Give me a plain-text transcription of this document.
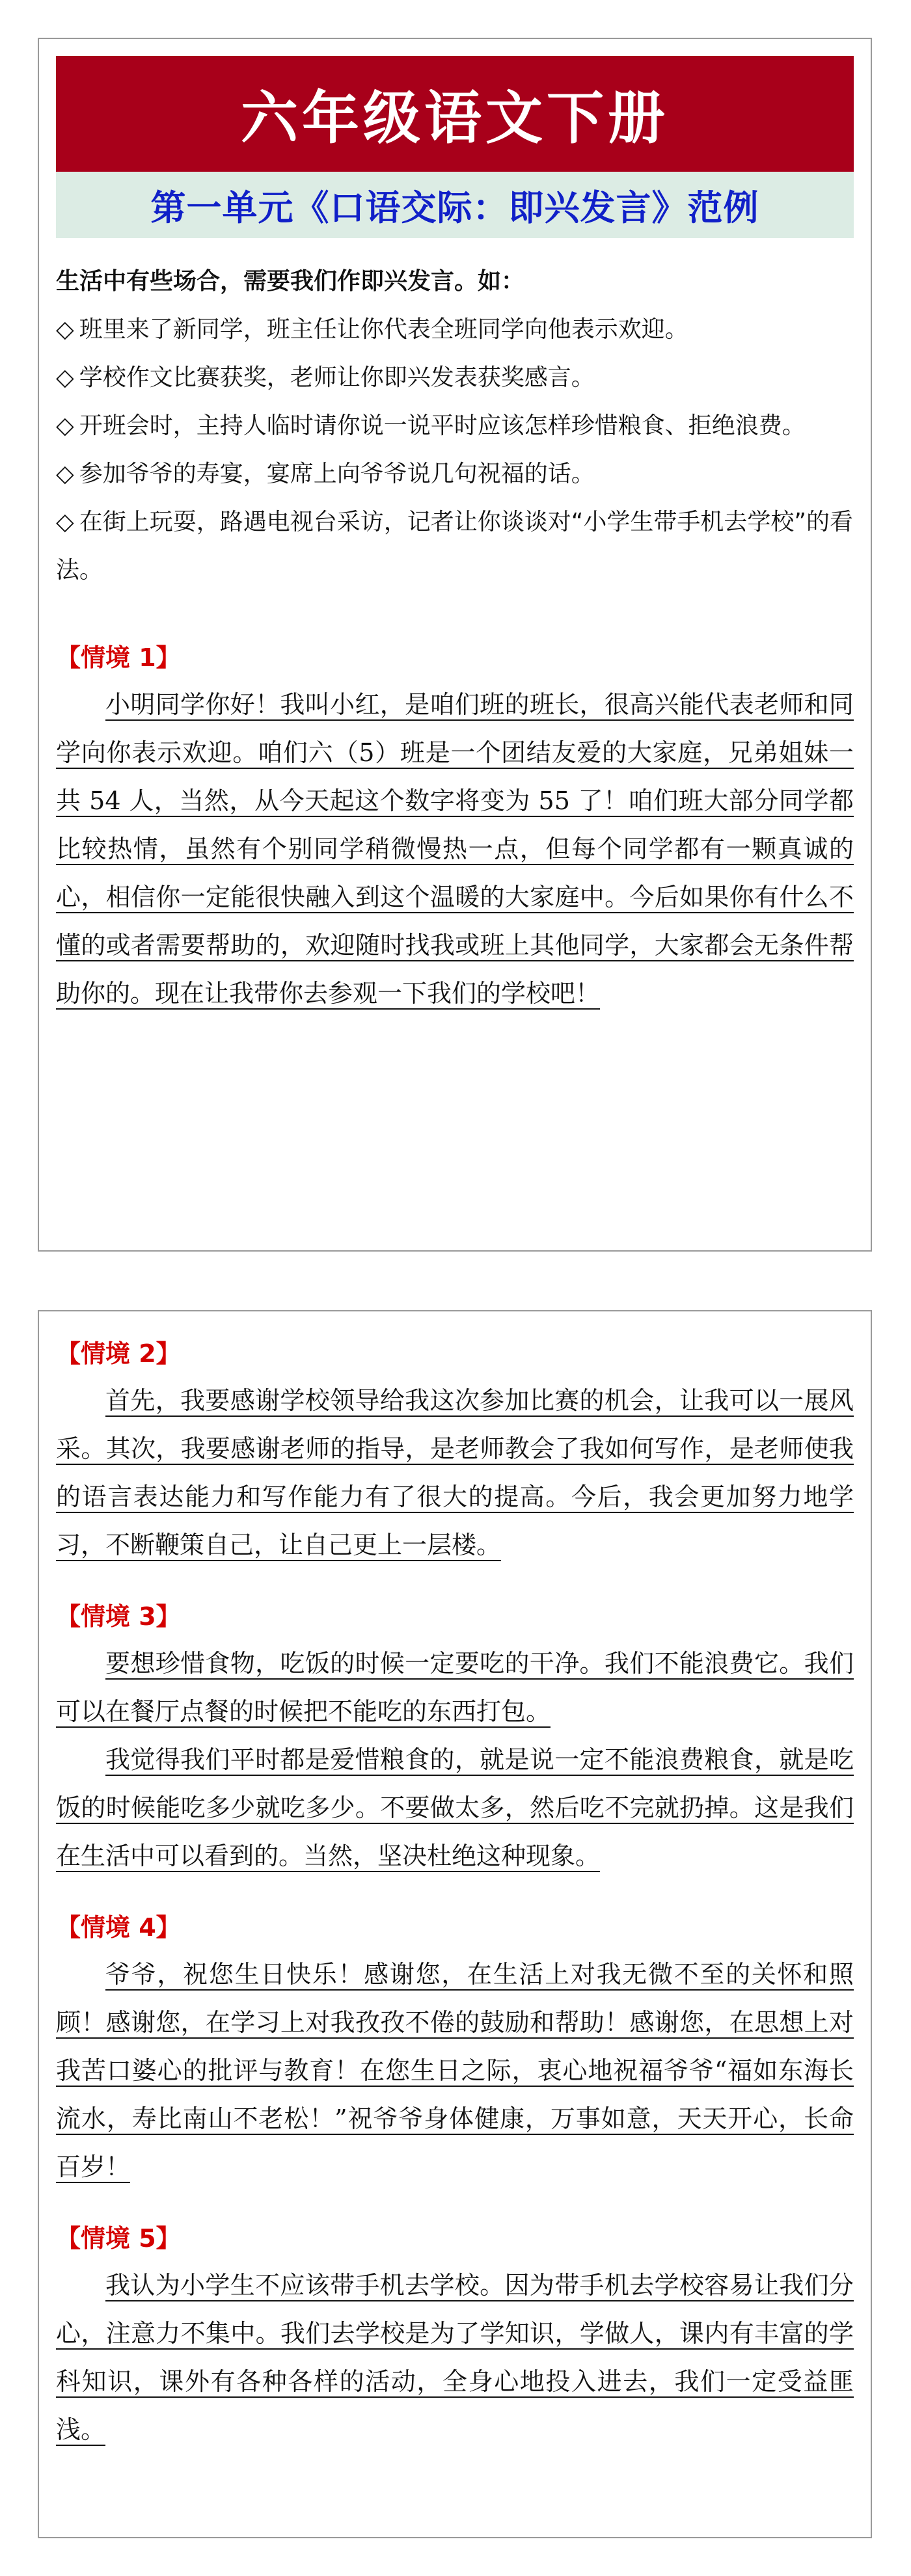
六年级语文下册
第一单元《口语交际：即兴发言》范例

生活中有些场合，需要我们作即兴发言。如：

◇ 班里来了新同学，班主任让你代表全班同学向他表示欢迎。

◇ 学校作文比赛获奖，老师让你即兴发表获奖感言。

◇ 开班会时，主持人临时请你说一说平时应该怎样珍惜粮食、拒绝浪费。

◇ 参加爷爷的寿宴，宴席上向爷爷说几句祝福的话。

◇ 在街上玩耍，路遇电视台采访，记者让你谈谈对“小学生带手机去学校”的看法。

【情境 1】

小明同学你好！我叫小红，是咱们班的班长，很高兴能代表老师和同学向你表示欢迎。咱们六（5）班是一个团结友爱的大家庭，兄弟姐妹一共 54 人，当然，从今天起这个数字将变为 55 了！咱们班大部分同学都比较热情，虽然有个别同学稍微慢热一点，但每个同学都有一颗真诚的心，相信你一定能很快融入到这个温暖的大家庭中。今后如果你有什么不懂的或者需要帮助的，欢迎随时找我或班上其他同学，大家都会无条件帮助你的。现在让我带你去参观一下我们的学校吧！

【情境 2】

首先，我要感谢学校领导给我这次参加比赛的机会，让我可以一展风采。其次，我要感谢老师的指导，是老师教会了我如何写作，是老师使我的语言表达能力和写作能力有了很大的提高。今后，我会更加努力地学习，不断鞭策自己，让自己更上一层楼。

【情境 3】

要想珍惜食物，吃饭的时候一定要吃的干净。我们不能浪费它。我们可以在餐厅点餐的时候把不能吃的东西打包。

我觉得我们平时都是爱惜粮食的，就是说一定不能浪费粮食，就是吃饭的时候能吃多少就吃多少。不要做太多，然后吃不完就扔掉。这是我们在生活中可以看到的。当然，坚决杜绝这种现象。

【情境 4】

爷爷，祝您生日快乐！感谢您，在生活上对我无微不至的关怀和照顾！感谢您，在学习上对我孜孜不倦的鼓励和帮助！感谢您，在思想上对我苦口婆心的批评与教育！在您生日之际，衷心地祝福爷爷“福如东海长流水，寿比南山不老松！”祝爷爷身体健康，万事如意，天天开心，长命百岁！

【情境 5】

我认为小学生不应该带手机去学校。因为带手机去学校容易让我们分心，注意力不集中。我们去学校是为了学知识，学做人，课内有丰富的学科知识，课外有各种各样的活动，全身心地投入进去，我们一定受益匪浅。
